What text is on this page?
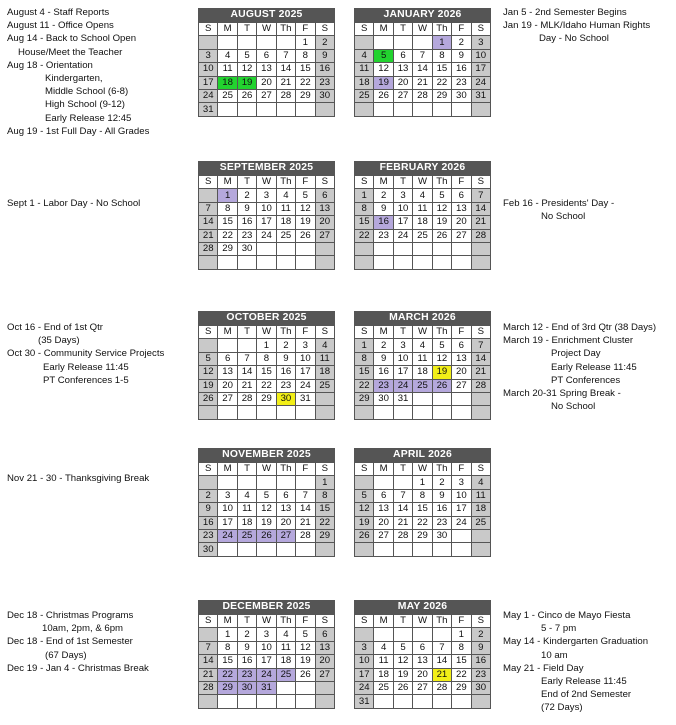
August 4 - Staff Reports
August 11 - Office Opens
Aug 14 - Back to School Open
House/Meet the Teacher
Aug 18 - Orientation
Kindergarten,
Middle School (6-8)
High School (9-12)
Early Release 12:45
Aug 19 - 1st Full Day - All Grades
Sept 1 - Labor Day - No School
Oct 16 - End of 1st Qtr
(35 Days)
Oct 30 - Community Service Projects
Early Release 11:45
PT Conferences 1-5
Nov 21 - 30 - Thanksgiving Break
Dec 18 - Christmas Programs
10am, 2pm, & 6pm
Dec 18 - End of 1st Semester
(67 Days)
Dec 19 - Jan 4 - Christmas Break
Jan 5 - 2nd Semester Begins
Jan 19 - MLK/Idaho Human Rights
Day - No School
Feb 16 - Presidents' Day -
No School
March 12 - End of 3rd Qtr (38 Days)
March 19 - Enrichment Cluster
Project Day
Early Release 11:45
PT Conferences
March 20-31 Spring Break -
No School
May 1 - Cinco de Mayo Fiesta
5 - 7 pm
May 14 - Kindergarten Graduation
10 am
May 21 - Field Day
Early Release 11:45
End of 2nd Semester
(72 Days)
AUGUST 2025
S	M	T	W	Th	F	S
					1	2
3	4	5	6	7	8	9
10	11	12	13	14	15	16
17	18	19	20	21	22	23
24	25	26	27	28	29	30
31						
JANUARY 2026
S	M	T	W	Th	F	S
				1	2	3
4	5	6	7	8	9	10
11	12	13	14	15	16	17
18	19	20	21	22	23	24
25	26	27	28	29	30	31

SEPTEMBER 2025
S	M	T	W	Th	F	S
	1	2	3	4	5	6
7	8	9	10	11	12	13
14	15	16	17	18	19	20
21	22	23	24	25	26	27
28	29	30				

FEBRUARY 2026
S	M	T	W	Th	F	S
1	2	3	4	5	6	7
8	9	10	11	12	13	14
15	16	17	18	19	20	21
22	23	24	25	26	27	28

OCTOBER 2025
S	M	T	W	Th	F	S
			1	2	3	4
5	6	7	8	9	10	11
12	13	14	15	16	17	18
19	20	21	22	23	24	25
26	27	28	29	30	31	

MARCH 2026
S	M	T	W	Th	F	S
1	2	3	4	5	6	7
8	9	10	11	12	13	14
15	16	17	18	19	20	21
22	23	24	25	26	27	28
29	30	31				

NOVEMBER 2025
S	M	T	W	Th	F	S
						1
2	3	4	5	6	7	8
9	10	11	12	13	14	15
16	17	18	19	20	21	22
23	24	25	26	27	28	29
30						
APRIL 2026
S	M	T	W	Th	F	S
			1	2	3	4
5	6	7	8	9	10	11
12	13	14	15	16	17	18
19	20	21	22	23	24	25
26	27	28	29	30		

DECEMBER 2025
S	M	T	W	Th	F	S
	1	2	3	4	5	6
7	8	9	10	11	12	13
14	15	16	17	18	19	20
21	22	23	24	25	26	27
28	29	30	31			

MAY 2026
S	M	T	W	Th	F	S
					1	2
3	4	5	6	7	8	9
10	11	12	13	14	15	16
17	18	19	20	21	22	23
24	25	26	27	28	29	30
31						
